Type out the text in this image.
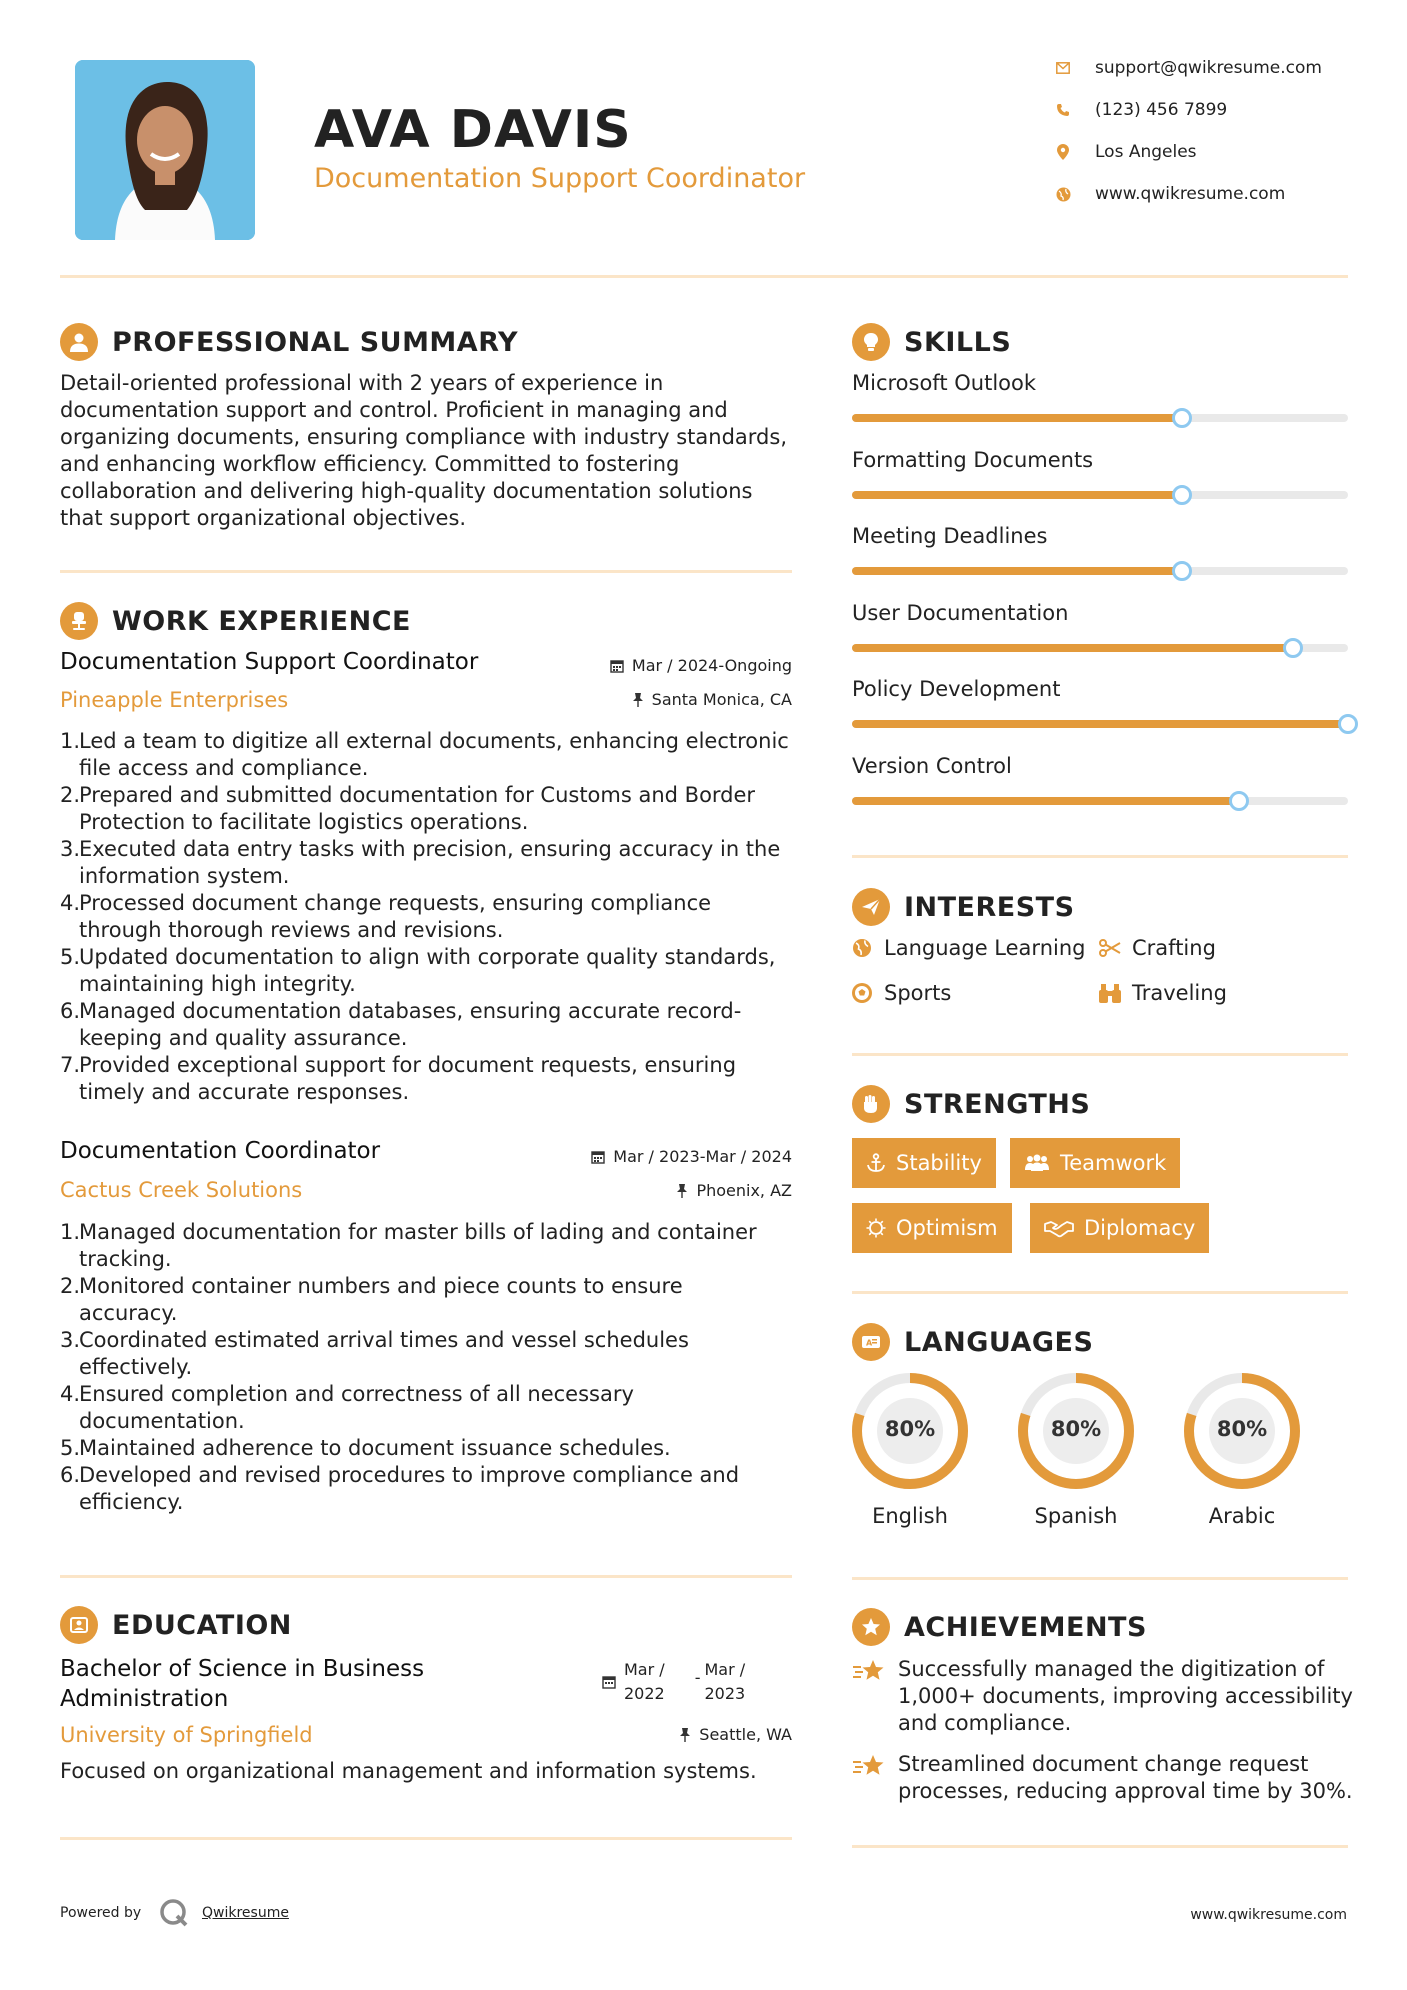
AVA DAVIS
Documentation Support Coordinator
support@qwikresume.com
(123) 456 7899
Los Angeles
www.qwikresume.com
PROFESSIONAL SUMMARY
Detail-oriented professional with 2 years of experience in
documentation support and control. Proficient in managing and
organizing documents, ensuring compliance with industry standards,
and enhancing workflow efficiency. Committed to fostering
collaboration and delivering high-quality documentation solutions
that support organizational objectives.
WORK EXPERIENCE
Documentation Support Coordinator	Mar / 2024-Ongoing
Pineapple Enterprises	Santa Monica, CA
1.
Led a team to digitize all external documents, enhancing electronic
file access and compliance.
2.
Prepared and submitted documentation for Customs and Border
Protection to facilitate logistics operations.
3.
Executed data entry tasks with precision, ensuring accuracy in the
information system.
4.
Processed document change requests, ensuring compliance
through thorough reviews and revisions.
5.
Updated documentation to align with corporate quality standards,
maintaining high integrity.
6.
Managed documentation databases, ensuring accurate record-
keeping and quality assurance.
7.
Provided exceptional support for document requests, ensuring
timely and accurate responses.
Documentation Coordinator	Mar / 2023-Mar / 2024
Cactus Creek Solutions	Phoenix, AZ
1.
Managed documentation for master bills of lading and container
tracking.
2.
Monitored container numbers and piece counts to ensure
accuracy.
3.
Coordinated estimated arrival times and vessel schedules
effectively.
4.
Ensured completion and correctness of all necessary
documentation.
5.
Maintained adherence to document issuance schedules.
6.
Developed and revised procedures to improve compliance and
efficiency.
EDUCATION
Bachelor of Science in Business
Administration
Mar /
2022
- Mar /
2023
University of Springfield	Seattle, WA
Focused on organizational management and information systems.
SKILLS
Microsoft Outlook
Formatting Documents
Meeting Deadlines
User Documentation
Policy Development
Version Control
INTERESTS
Language Learning Crafting
Sports	Traveling
STRENGTHS
Stability	Teamwork
Optimism	Diplomacy
A LANGUAGES
80%
English
80%
Spanish
80%
Arabic
ACHIEVEMENTS
Successfully managed the digitization of
1,000+ documents, improving accessibility
and compliance.
Streamlined document change request
processes, reducing approval time by 30%.
Powered by	Qwikresume	www.qwikresume.com
